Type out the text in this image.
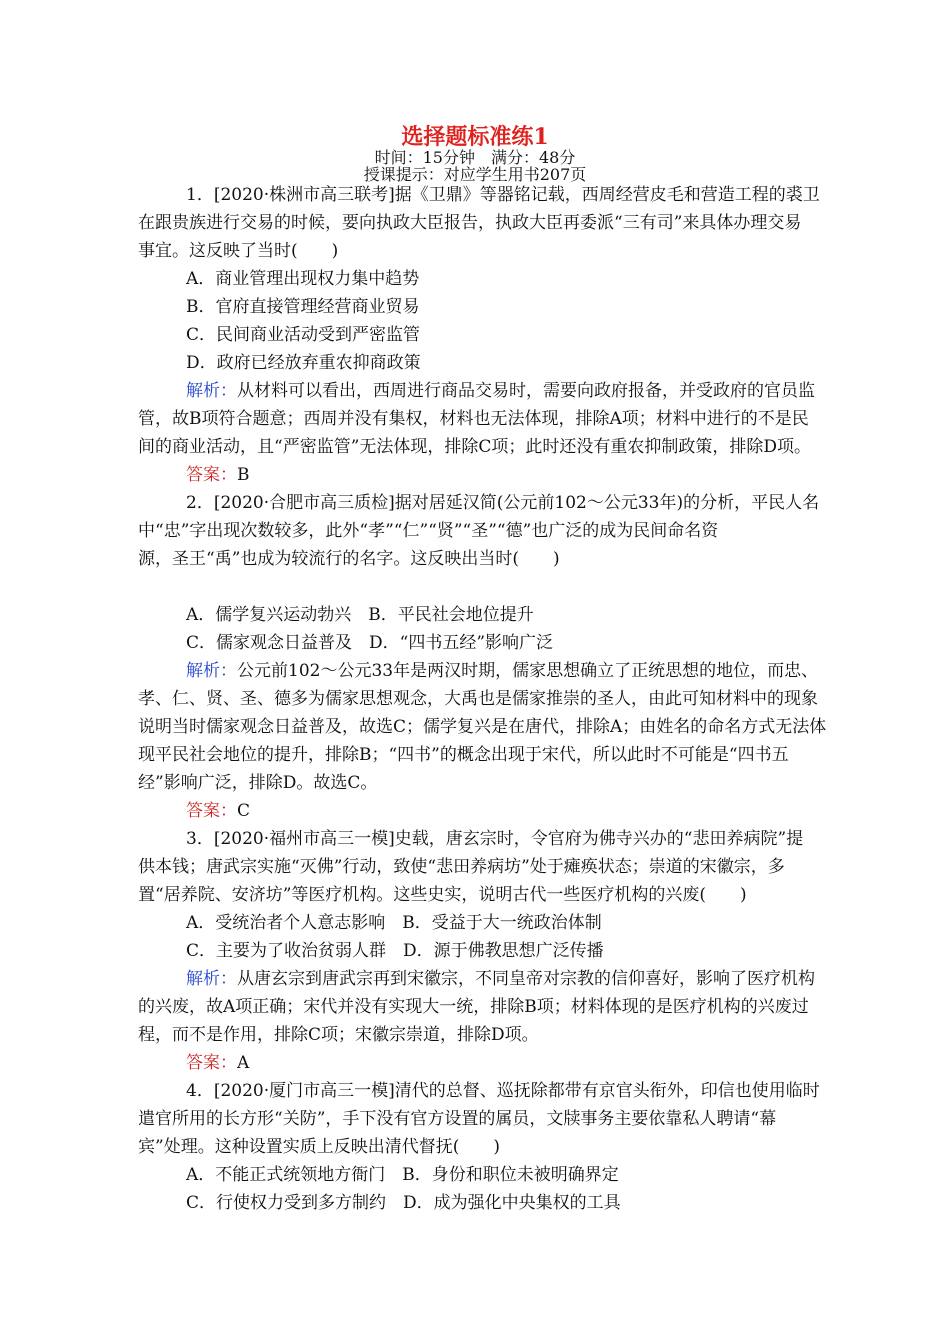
选择题标准练1
时间：15分钟　满分：48分
授课提示：对应学生用书207页
1．[2020·株洲市高三联考]据《卫鼎》等器铭记载，西周经营皮毛和营造工程的裘卫
在跟贵族进行交易的时候，要向执政大臣报告，执政大臣再委派“三有司”来具体办理交易
事宜。这反映了当时(　　)
A．商业管理出现权力集中趋势
B．官府直接管理经营商业贸易
C．民间商业活动受到严密监管
D．政府已经放弃重农抑商政策
解析：从材料可以看出，西周进行商品交易时，需要向政府报备，并受政府的官员监
管，故B项符合题意；西周并没有集权，材料也无法体现，排除A项；材料中进行的不是民
间的商业活动，且“严密监管”无法体现，排除C项；此时还没有重农抑制政策，排除D项。
答案：B
2．[2020·合肥市高三质检]据对居延汉简(公元前102～公元33年)的分析，平民人名
中“忠”字出现次数较多，此外“孝”“仁”“贤”“圣”“德”也广泛的成为民间命名资
源，圣王“禹”也成为较流行的名字。这反映出当时(　　)
A．儒学复兴运动勃兴　B．平民社会地位提升
C．儒家观念日益普及　D．“四书五经”影响广泛
解析：公元前102～公元33年是两汉时期，儒家思想确立了正统思想的地位，而忠、
孝、仁、贤、圣、德多为儒家思想观念，大禹也是儒家推崇的圣人，由此可知材料中的现象
说明当时儒家观念日益普及，故选C；儒学复兴是在唐代，排除A；由姓名的命名方式无法体
现平民社会地位的提升，排除B；“四书”的概念出现于宋代，所以此时不可能是“四书五
经”影响广泛，排除D。故选C。
答案：C
3．[2020·福州市高三一模]史载，唐玄宗时，令官府为佛寺兴办的“悲田养病院”提
供本钱；唐武宗实施“灭佛”行动，致使“悲田养病坊”处于瘫痪状态；崇道的宋徽宗，多
置“居养院、安济坊”等医疗机构。这些史实，说明古代一些医疗机构的兴废(　　)
A．受统治者个人意志影响　B．受益于大一统政治体制
C．主要为了收治贫弱人群　D．源于佛教思想广泛传播
解析：从唐玄宗到唐武宗再到宋徽宗，不同皇帝对宗教的信仰喜好，影响了医疗机构
的兴废，故A项正确；宋代并没有实现大一统，排除B项；材料体现的是医疗机构的兴废过
程，而不是作用，排除C项；宋徽宗崇道，排除D项。
答案：A
4．[2020·厦门市高三一模]清代的总督、巡抚除都带有京官头衔外，印信也使用临时
遣官所用的长方形“关防”，手下没有官方设置的属员，文牍事务主要依靠私人聘请“幕
宾”处理。这种设置实质上反映出清代督抚(　　)
A．不能正式统领地方衙门　B．身份和职位未被明确界定
C．行使权力受到多方制约　D．成为强化中央集权的工具
